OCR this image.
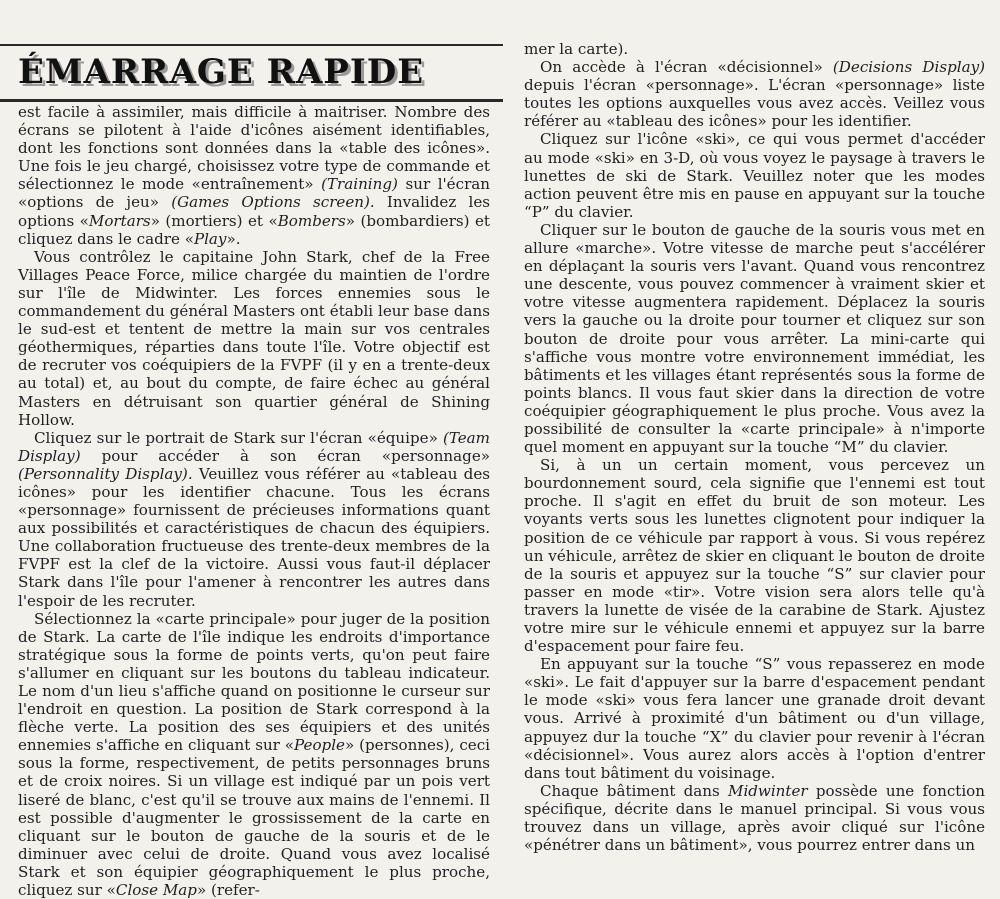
ÉMARRAGE RAPIDE

est facile à assimiler, mais difficile à maitriser. Nombre des écrans se pilotent à l'aide d'icônes aisément identifiables, dont les fonctions sont données dans la «table des icônes». Une fois le jeu chargé, choisissez votre type de commande et sélectionnez le mode «entraînement» (Training) sur l'écran «options de jeu» (Games Options screen). Invalidez les options «Mortars» (mortiers) et «Bombers» (bombardiers) et cliquez dans le cadre «Play».

Vous contrôlez le capitaine John Stark, chef de la Free Villages Peace Force, milice chargée du maintien de l'ordre sur l'île de Midwinter. Les forces ennemies sous le commandement du général Masters ont établi leur base dans le sud-est et tentent de mettre la main sur vos centrales géothermiques, réparties dans toute l'île. Votre objectif est de recruter vos coéquipiers de la FVPF (il y en a trente-deux au total) et, au bout du compte, de faire échec au général Masters en détruisant son quartier général de Shining Hollow.

Cliquez sur le portrait de Stark sur l'écran «équipe» (Team Display) pour accéder à son écran «personnage» (Personnality Display). Veuillez vous référer au «tableau des icônes» pour les identifier chacune. Tous les écrans «personnage» fournissent de précieuses informations quant aux possibilités et caractéristiques de chacun des équipiers. Une collaboration fructueuse des trente-deux membres de la FVPF est la clef de la victoire. Aussi vous faut-il déplacer Stark dans l'île pour l'amener à rencontrer les autres dans l'espoir de les recruter.

Sélectionnez la «carte principale» pour juger de la position de Stark. La carte de l'île indique les endroits d'importance stratégique sous la forme de points verts, qu'on peut faire s'allumer en cliquant sur les boutons du tableau indicateur. Le nom d'un lieu s'affiche quand on positionne le curseur sur l'endroit en question. La position de Stark correspond à la flèche verte. La position des ses équipiers et des unités ennemies s'affiche en cliquant sur «People» (personnes), ceci sous la forme, respectivement, de petits personnages bruns et de croix noires. Si un village est indiqué par un pois vert liseré de blanc, c'est qu'il se trouve aux mains de l'ennemi. Il est possible d'augmenter le grossissement de la carte en cliquant sur le bouton de gauche de la souris et de le diminuer avec celui de droite. Quand vous avez localisé Stark et son équipier géographiquement le plus proche, cliquez sur «Close Map» (refer-

mer la carte).

On accède à l'écran «décisionnel» (Decisions Display) depuis l'écran «personnage». L'écran «personnage» liste toutes les options auxquelles vous avez accès. Veillez vous référer au «tableau des icônes» pour les identifier.

Cliquez sur l'icône «ski», ce qui vous permet d'accéder au mode «ski» en 3-D, où vous voyez le paysage à travers le lunettes de ski de Stark. Veuillez noter que les modes action peuvent être mis en pause en appuyant sur la touche “P” du clavier.

Cliquer sur le bouton de gauche de la souris vous met en allure «marche». Votre vitesse de marche peut s'accélérer en déplaçant la souris vers l'avant. Quand vous rencontrez une descente, vous pouvez commencer à vraiment skier et votre vitesse augmentera rapidement. Déplacez la souris vers la gauche ou la droite pour tourner et cliquez sur son bouton de droite pour vous arrêter. La mini-carte qui s'affiche vous montre votre environnement immédiat, les bâtiments et les villages étant représentés sous la forme de points blancs. Il vous faut skier dans la direction de votre coéquipier géographiquement le plus proche. Vous avez la possibilité de consulter la «carte principale» à n'importe quel moment en appuyant sur la touche “M” du clavier.

Si, à un un certain moment, vous percevez un bourdonnement sourd, cela signifie que l'ennemi est tout proche. Il s'agit en effet du bruit de son moteur. Les voyants verts sous les lunettes clignotent pour indiquer la position de ce véhicule par rapport à vous. Si vous repérez un véhicule, arrêtez de skier en cliquant le bouton de droite de la souris et appuyez sur la touche “S” sur clavier pour passer en mode «tir». Votre vision sera alors telle qu'à travers la lunette de visée de la carabine de Stark. Ajustez votre mire sur le véhicule ennemi et appuyez sur la barre d'espacement pour faire feu.

En appuyant sur la touche “S” vous repasserez en mode «ski». Le fait d'appuyer sur la barre d'espacement pendant le mode «ski» vous fera lancer une granade droit devant vous. Arrivé à proximité d'un bâtiment ou d'un village, appuyez dur la touche “X” du clavier pour revenir à l'écran «décisionnel». Vous aurez alors accès à l'option d'entrer dans tout bâtiment du voisinage.

Chaque bâtiment dans Midwinter possède une fonction spécifique, décrite dans le manuel principal. Si vous vous trouvez dans un village, après avoir cliqué sur l'icône «pénétrer dans un bâtiment», vous pourrez entrer dans un
